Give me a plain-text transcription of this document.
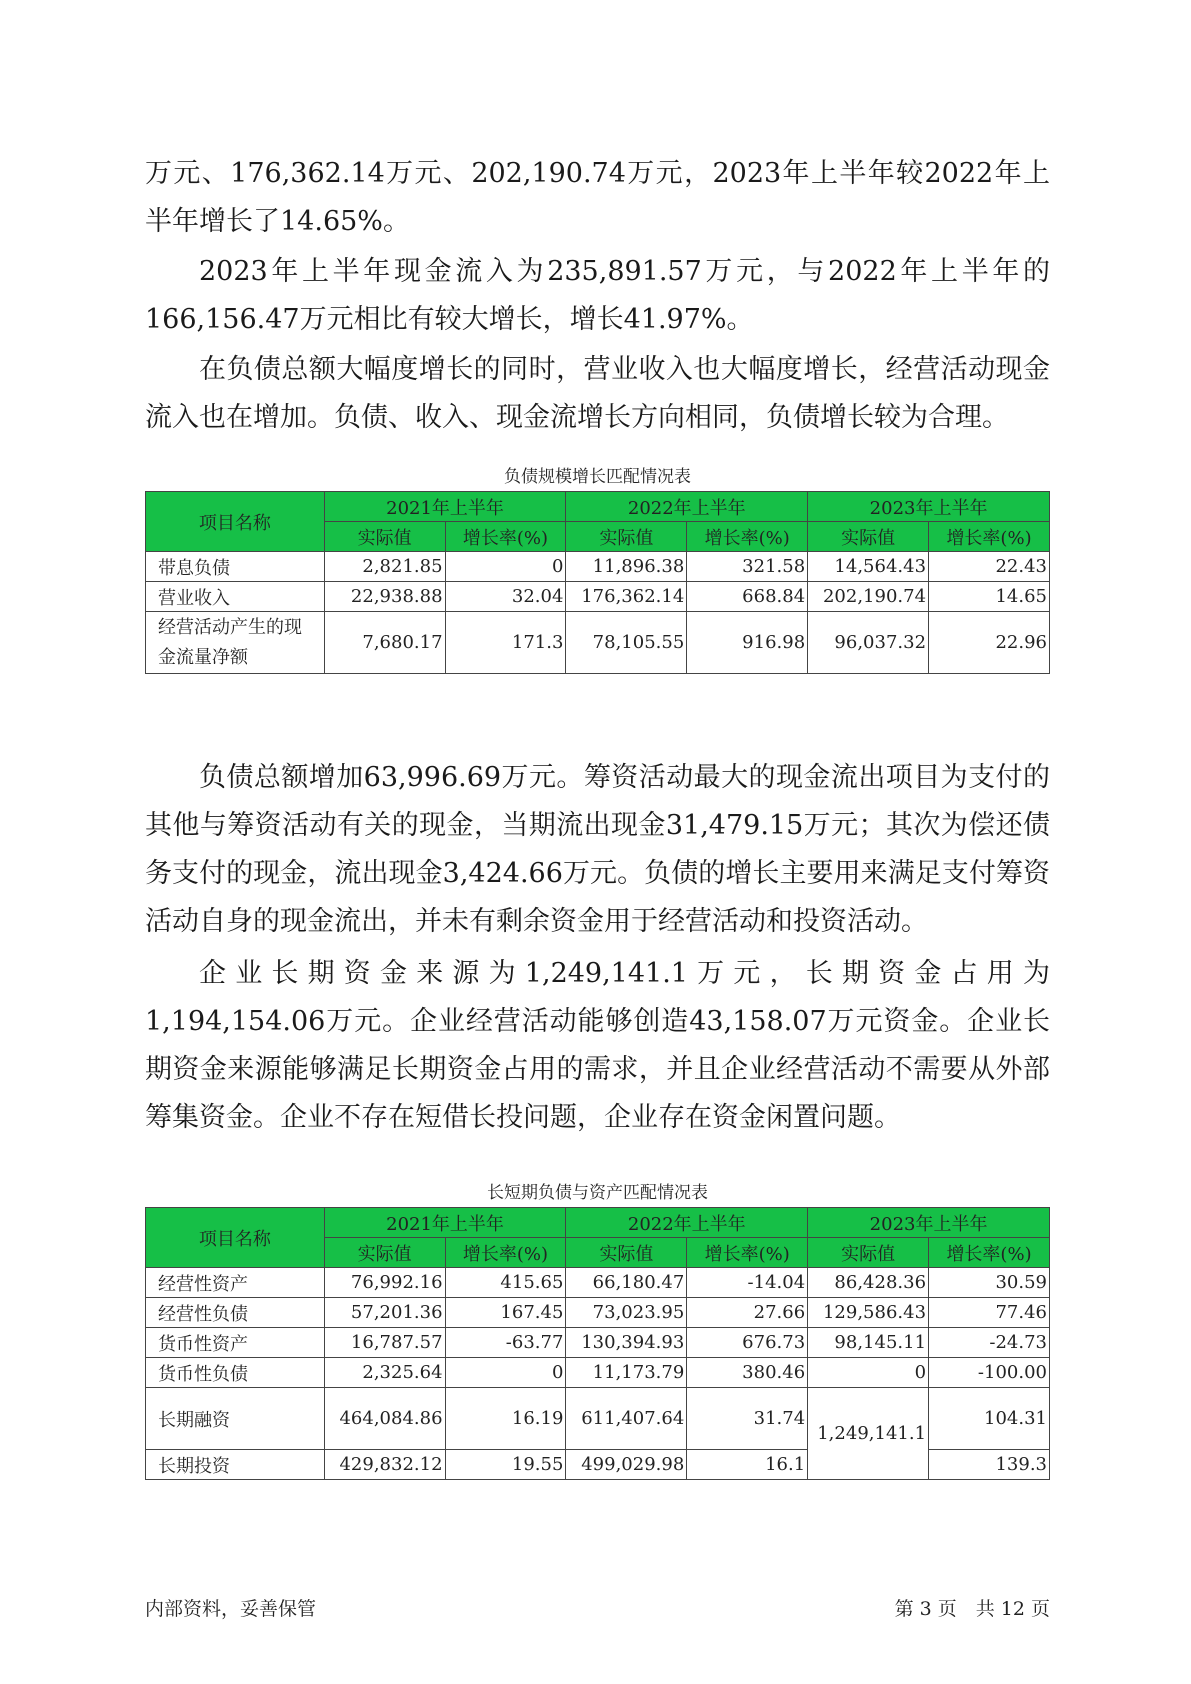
万元、176,362.14万元、202,190.74万元，2023年上半年较2022年上半年增长了14.65%。

2023年上半年现金流入为235,891.57万元，与2022年上半年的166,156.47万元相比有较大增长，增长41.97%。

在负债总额大幅度增长的同时，营业收入也大幅度增长，经营活动现金流入也在增加。负债、收入、现金流增长方向相同，负债增长较为合理。

负债规模增长匹配情况表
项目名称	2021年上半年		2022年上半年		2023年上半年	
	实际值	增长率(%)	实际值	增长率(%)	实际值	增长率(%)
带息负债	2,821.85	0	11,896.38	321.58	14,564.43	22.43
营业收入	22,938.88	32.04	176,362.14	668.84	202,190.74	14.65
经营活动产生的现金流量净额	7,680.17	171.3	78,105.55	916.98	96,037.32	22.96

负债总额增加63,996.69万元。筹资活动最大的现金流出项目为支付的其他与筹资活动有关的现金，当期流出现金31,479.15万元；其次为偿还债务支付的现金，流出现金3,424.66万元。负债的增长主要用来满足支付筹资活动自身的现金流出，并未有剩余资金用于经营活动和投资活动。

企业长期资金来源为1,249,141.1万元，长期资金占用为1,194,154.06万元。企业经营活动能够创造43,158.07万元资金。企业长期资金来源能够满足长期资金占用的需求，并且企业经营活动不需要从外部筹集资金。企业不存在短借长投问题，企业存在资金闲置问题。

长短期负债与资产匹配情况表
项目名称	2021年上半年		2022年上半年		2023年上半年	
	实际值	增长率(%)	实际值	增长率(%)	实际值	增长率(%)
经营性资产	76,992.16	415.65	66,180.47	-14.04	86,428.36	30.59
经营性负债	57,201.36	167.45	73,023.95	27.66	129,586.43	77.46
货币性资产	16,787.57	-63.77	130,394.93	676.73	98,145.11	-24.73
货币性负债	2,325.64	0	11,173.79	380.46	0	-100.00
长期融资	464,084.86	16.19	611,407.64	31.74	1,249,141.1	104.31
长期投资	429,832.12	19.55	499,029.98	16.1		139.3
内部资料，妥善保管	第 3 页　共 12 页
